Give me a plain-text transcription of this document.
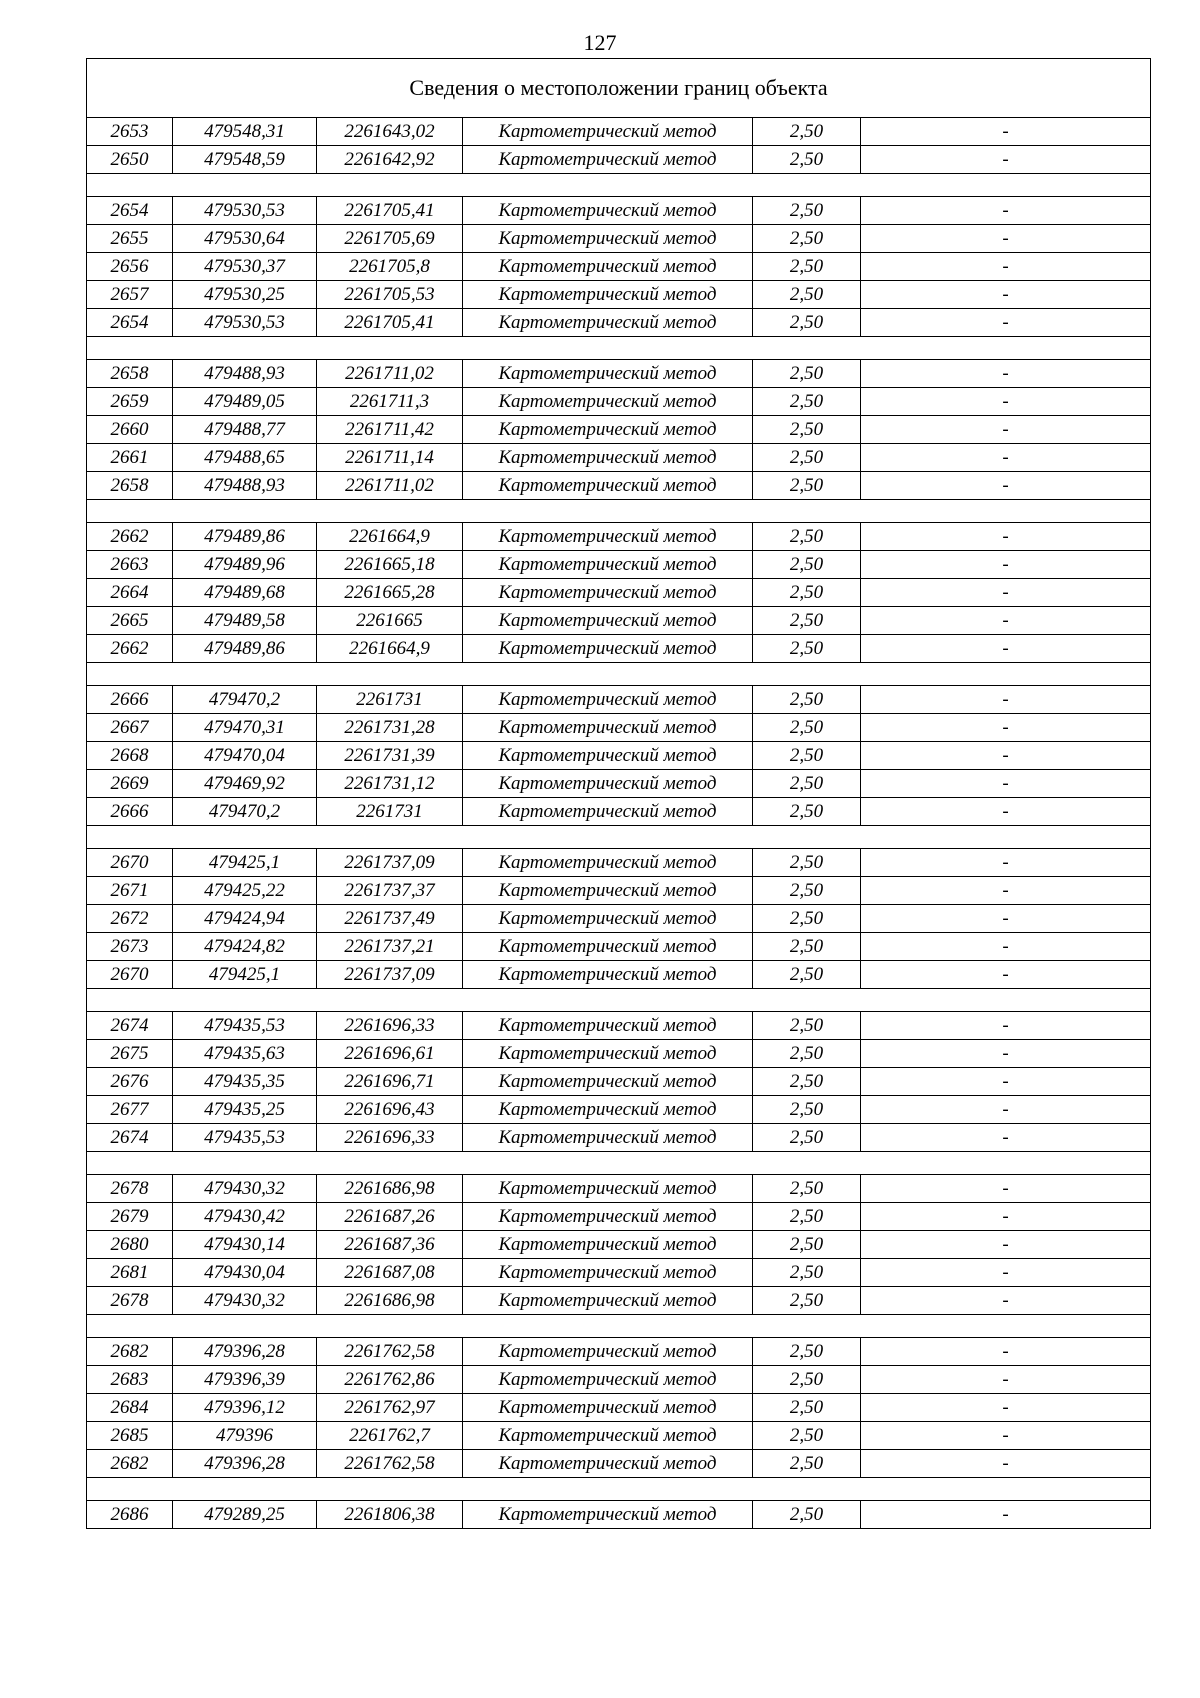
127
Сведения о местоположении границ объекта					
2653	479548,31	2261643,02	Картометрический метод	2,50	-
2650	479548,59	2261642,92	Картометрический метод	2,50	-

2654	479530,53	2261705,41	Картометрический метод	2,50	-
2655	479530,64	2261705,69	Картометрический метод	2,50	-
2656	479530,37	2261705,8	Картометрический метод	2,50	-
2657	479530,25	2261705,53	Картометрический метод	2,50	-
2654	479530,53	2261705,41	Картометрический метод	2,50	-

2658	479488,93	2261711,02	Картометрический метод	2,50	-
2659	479489,05	2261711,3	Картометрический метод	2,50	-
2660	479488,77	2261711,42	Картометрический метод	2,50	-
2661	479488,65	2261711,14	Картометрический метод	2,50	-
2658	479488,93	2261711,02	Картометрический метод	2,50	-

2662	479489,86	2261664,9	Картометрический метод	2,50	-
2663	479489,96	2261665,18	Картометрический метод	2,50	-
2664	479489,68	2261665,28	Картометрический метод	2,50	-
2665	479489,58	2261665	Картометрический метод	2,50	-
2662	479489,86	2261664,9	Картометрический метод	2,50	-

2666	479470,2	2261731	Картометрический метод	2,50	-
2667	479470,31	2261731,28	Картометрический метод	2,50	-
2668	479470,04	2261731,39	Картометрический метод	2,50	-
2669	479469,92	2261731,12	Картометрический метод	2,50	-
2666	479470,2	2261731	Картометрический метод	2,50	-

2670	479425,1	2261737,09	Картометрический метод	2,50	-
2671	479425,22	2261737,37	Картометрический метод	2,50	-
2672	479424,94	2261737,49	Картометрический метод	2,50	-
2673	479424,82	2261737,21	Картометрический метод	2,50	-
2670	479425,1	2261737,09	Картометрический метод	2,50	-

2674	479435,53	2261696,33	Картометрический метод	2,50	-
2675	479435,63	2261696,61	Картометрический метод	2,50	-
2676	479435,35	2261696,71	Картометрический метод	2,50	-
2677	479435,25	2261696,43	Картометрический метод	2,50	-
2674	479435,53	2261696,33	Картометрический метод	2,50	-

2678	479430,32	2261686,98	Картометрический метод	2,50	-
2679	479430,42	2261687,26	Картометрический метод	2,50	-
2680	479430,14	2261687,36	Картометрический метод	2,50	-
2681	479430,04	2261687,08	Картометрический метод	2,50	-
2678	479430,32	2261686,98	Картометрический метод	2,50	-

2682	479396,28	2261762,58	Картометрический метод	2,50	-
2683	479396,39	2261762,86	Картометрический метод	2,50	-
2684	479396,12	2261762,97	Картометрический метод	2,50	-
2685	479396	2261762,7	Картометрический метод	2,50	-
2682	479396,28	2261762,58	Картометрический метод	2,50	-

2686	479289,25	2261806,38	Картометрический метод	2,50	-
